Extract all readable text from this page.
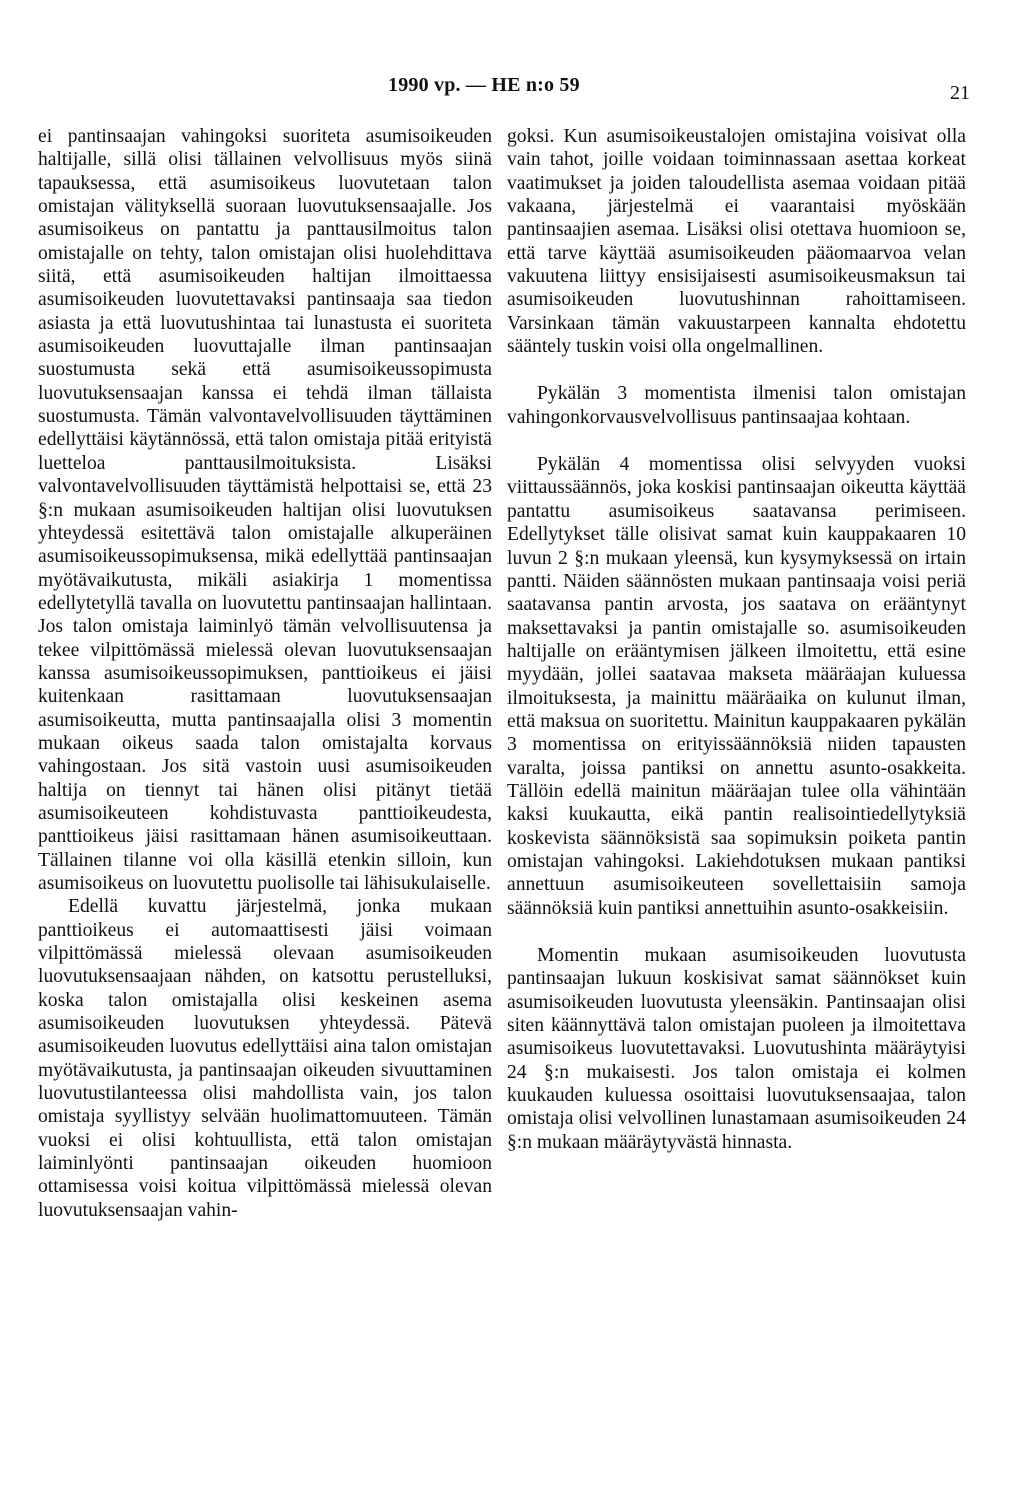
1990 vp. — HE n:o 59	21

ei pantinsaajan vahingoksi suoriteta asumisoikeuden haltijalle, sillä olisi tällainen velvollisuus myös siinä tapauksessa, että asumisoikeus luovutetaan talon omistajan välityksellä suoraan luovutuksensaajalle. Jos asumisoikeus on pantattu ja panttausilmoitus talon omistajalle on tehty, talon omistajan olisi huolehdittava siitä, että asumisoikeuden haltijan ilmoittaessa asumisoikeuden luovutettavaksi pantinsaaja saa tiedon asiasta ja että luovutushintaa tai lunastusta ei suoriteta asumisoikeuden luovuttajalle ilman pantinsaajan suostumusta sekä että asumisoikeussopimusta luovutuksensaajan kanssa ei tehdä ilman tällaista suostumusta. Tämän valvontavelvollisuuden täyttäminen edellyttäisi käytännössä, että talon omistaja pitää erityistä luetteloa panttausilmoituksista. Lisäksi valvontavelvollisuuden täyttämistä helpottaisi se, että 23 §:n mukaan asumisoikeuden haltijan olisi luovutuksen yhteydessä esitettävä talon omistajalle alkuperäinen asumisoikeussopimuksensa, mikä edellyttää pantinsaajan myötävaikutusta, mikäli asiakirja 1 momentissa edellytetyllä tavalla on luovutettu pantinsaajan hallintaan. Jos talon omistaja laiminlyö tämän velvollisuutensa ja tekee vilpittömässä mielessä olevan luovutuksensaajan kanssa asumisoikeussopimuksen, panttioikeus ei jäisi kuitenkaan rasittamaan luovutuksensaajan asumisoikeutta, mutta pantinsaajalla olisi 3 momentin mukaan oikeus saada talon omistajalta korvaus vahingostaan. Jos sitä vastoin uusi asumisoikeuden haltija on tiennyt tai hänen olisi pitänyt tietää asumisoikeuteen kohdistuvasta panttioikeudesta, panttioikeus jäisi rasittamaan hänen asumisoikeuttaan. Tällainen tilanne voi olla käsillä etenkin silloin, kun asumisoikeus on luovutettu puolisolle tai lähisukulaiselle.

Edellä kuvattu järjestelmä, jonka mukaan panttioikeus ei automaattisesti jäisi voimaan vilpittömässä mielessä olevaan asumisoikeuden luovutuksensaajaan nähden, on katsottu perustelluksi, koska talon omistajalla olisi keskeinen asema asumisoikeuden luovutuksen yhteydessä. Pätevä asumisoikeuden luovutus edellyttäisi aina talon omistajan myötävaikutusta, ja pantinsaajan oikeuden sivuuttaminen luovutustilanteessa olisi mahdollista vain, jos talon omistaja syyllistyy selvään huolimattomuuteen. Tämän vuoksi ei olisi kohtuullista, että talon omistajan laiminlyönti pantinsaajan oikeuden huomioon ottamisessa voisi koitua vilpittömässä mielessä olevan luovutuksensaajan vahin-

goksi. Kun asumisoikeustalojen omistajina voisivat olla vain tahot, joille voidaan toiminnassaan asettaa korkeat vaatimukset ja joiden taloudellista asemaa voidaan pitää vakaana, järjestelmä ei vaarantaisi myöskään pantinsaajien asemaa. Lisäksi olisi otettava huomioon se, että tarve käyttää asumisoikeuden pääomaarvoa velan vakuutena liittyy ensisijaisesti asumisoikeusmaksun tai asumisoikeuden luovutushinnan rahoittamiseen. Varsinkaan tämän vakuustarpeen kannalta ehdotettu sääntely tuskin voisi olla ongelmallinen.

Pykälän 3 momentista ilmenisi talon omistajan vahingonkorvausvelvollisuus pantinsaajaa kohtaan.

Pykälän 4 momentissa olisi selvyyden vuoksi viittaussäännös, joka koskisi pantinsaajan oikeutta käyttää pantattu asumisoikeus saatavansa perimiseen. Edellytykset tälle olisivat samat kuin kauppakaaren 10 luvun 2 §:n mukaan yleensä, kun kysymyksessä on irtain pantti. Näiden säännösten mukaan pantinsaaja voisi periä saatavansa pantin arvosta, jos saatava on erääntynyt maksettavaksi ja pantin omistajalle so. asumisoikeuden haltijalle on erääntymisen jälkeen ilmoitettu, että esine myydään, jollei saatavaa makseta määräajan kuluessa ilmoituksesta, ja mainittu määräaika on kulunut ilman, että maksua on suoritettu. Mainitun kauppakaaren pykälän 3 momentissa on erityissäännöksiä niiden tapausten varalta, joissa pantiksi on annettu asunto-osakkeita. Tällöin edellä mainitun määräajan tulee olla vähintään kaksi kuukautta, eikä pantin realisointiedellytyksiä koskevista säännöksistä saa sopimuksin poiketa pantin omistajan vahingoksi. Lakiehdotuksen mukaan pantiksi annettuun asumisoikeuteen sovellettaisiin samoja säännöksiä kuin pantiksi annettuihin asunto-osakkeisiin.

Momentin mukaan asumisoikeuden luovutusta pantinsaajan lukuun koskisivat samat säännökset kuin asumisoikeuden luovutusta yleensäkin. Pantinsaajan olisi siten käännyttävä talon omistajan puoleen ja ilmoitettava asumisoikeus luovutettavaksi. Luovutushinta määräytyisi 24 §:n mukaisesti. Jos talon omistaja ei kolmen kuukauden kuluessa osoittaisi luovutuksensaajaa, talon omistaja olisi velvollinen lunastamaan asumisoikeuden 24 §:n mukaan määräytyvästä hinnasta.
